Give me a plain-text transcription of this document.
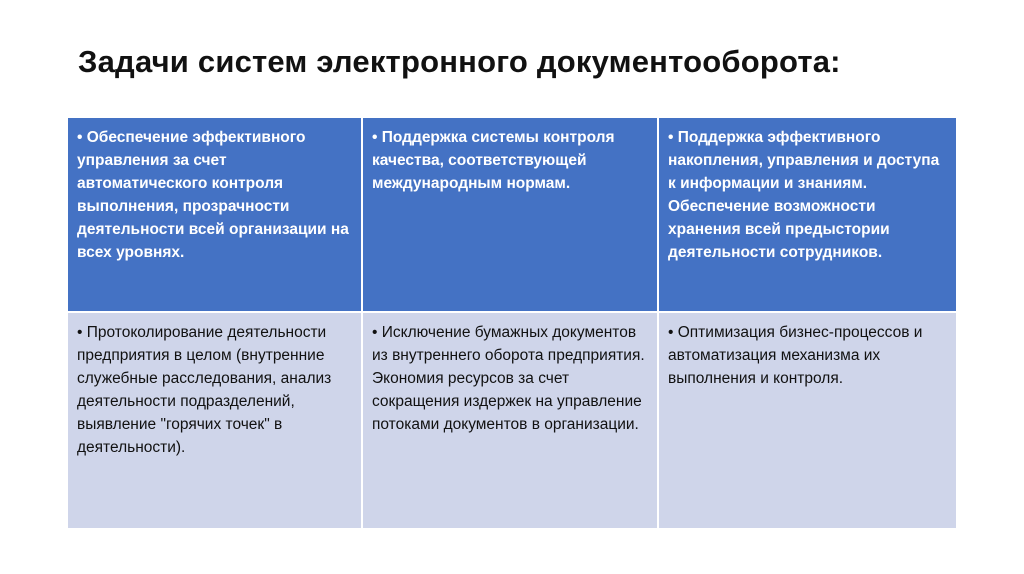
Задачи систем электронного документооборота:
• Обеспечение эффективного управления за счет автоматического контроля выполнения, прозрачности деятельности всей организации на всех уровнях.
• Поддержка системы контроля качества, соответствующей международным нормам.
• Поддержка эффективного накопления, управления и доступа к информации и знаниям. Обеспечение возможности хранения всей предыстории деятельности сотрудников.
• Протоколирование деятельности предприятия в целом (внутренние служебные расследования, анализ деятельности подразделений, выявление "горячих точек" в деятельности).
• Исключение бумажных документов из внутреннего оборота предприятия. Экономия ресурсов за счет сокращения издержек на управление потоками документов в организации.
• Оптимизация бизнес-процессов и автоматизация механизма их выполнения и контроля.
